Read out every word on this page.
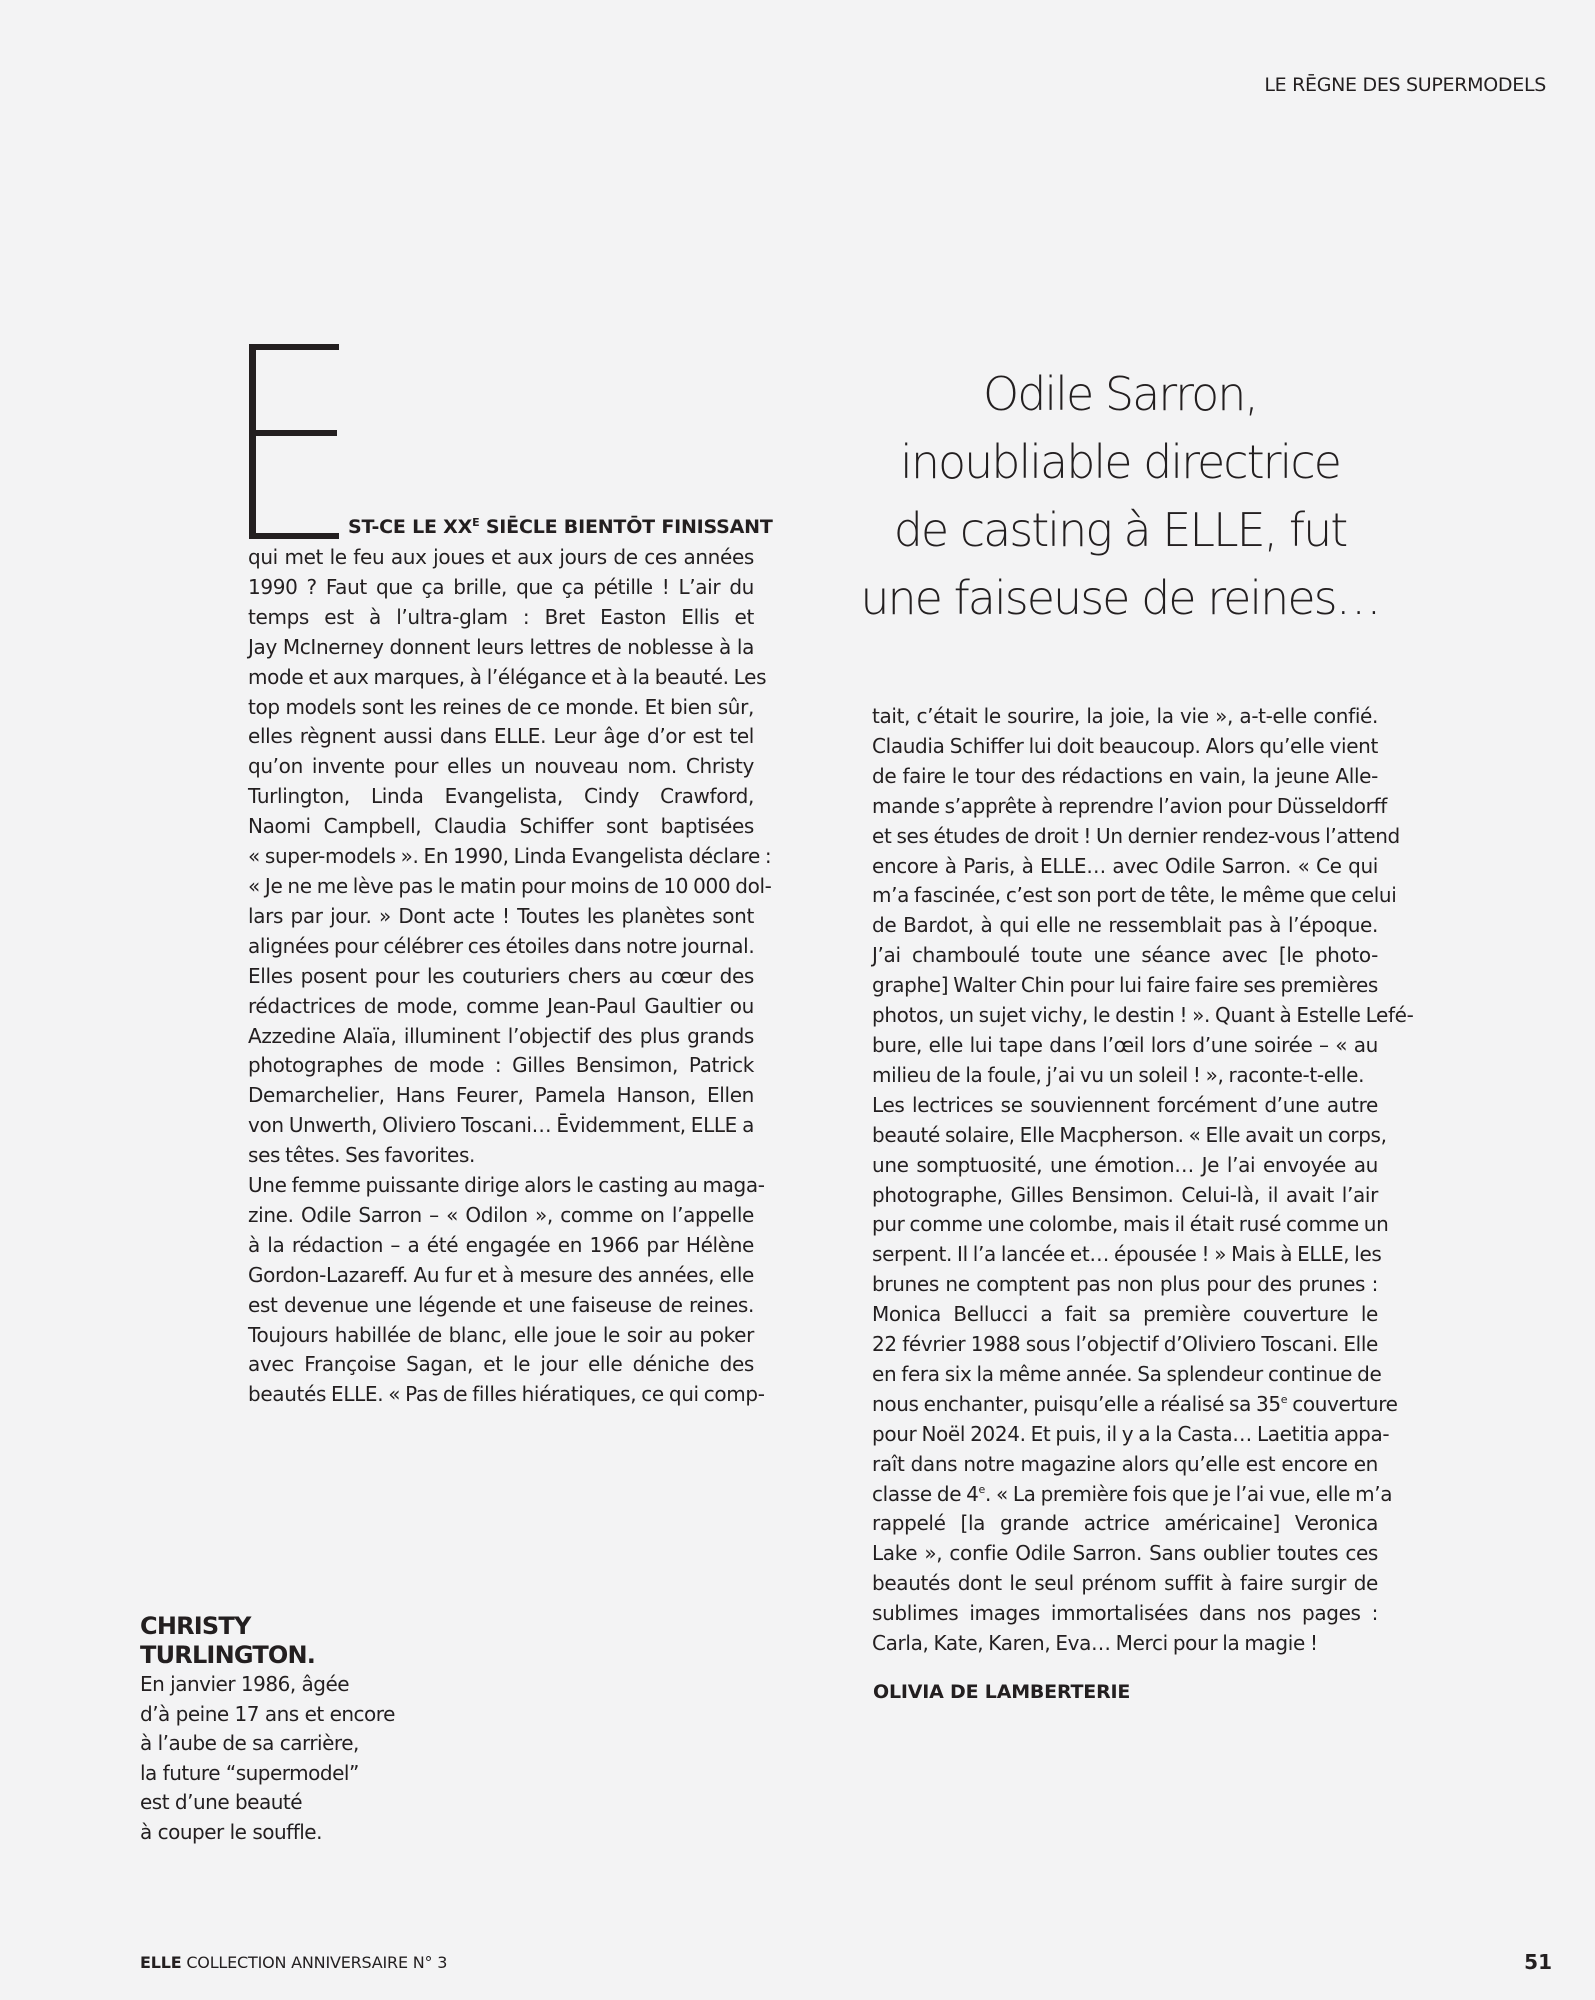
LE RĒGNE DES SUPERMODELS
ST-CE LE $XX^E$ SIĒCLE BIENTŌT FINISSANT
qui met le feu aux joues et aux jours de ces années
1990 ? Faut que ça brille, que ça pétille ! L’air du
temps est à l’ultra-glam : Bret Easton Ellis et
Jay McInerney donnent leurs lettres de noblesse à la
mode et aux marques, à l’élégance et à la beauté. Les
top models sont les reines de ce monde. Et bien sûr,
elles règnent aussi dans ELLE. Leur âge d’or est tel
qu’on invente pour elles un nouveau nom. Christy
Turlington, Linda Evangelista, Cindy Crawford,
Naomi Campbell, Claudia Schiffer sont baptisées
« super-models ». En 1990, Linda Evangelista déclare :
« Je ne me lève pas le matin pour moins de 10 000 dol-
lars par jour. » Dont acte ! Toutes les planètes sont
alignées pour célébrer ces étoiles dans notre journal.
Elles posent pour les couturiers chers au cœur des
rédactrices de mode, comme Jean-Paul Gaultier ou
Azzedine Alaïa, illuminent l’objectif des plus grands
photographes de mode : Gilles Bensimon, Patrick
Demarchelier, Hans Feurer, Pamela Hanson, Ellen
von Unwerth, Oliviero Toscani… Ēvidemment, ELLE a
ses têtes. Ses favorites.
Une femme puissante dirige alors le casting au maga-
zine. Odile Sarron – « Odilon », comme on l’appelle
à la rédaction – a été engagée en 1966 par Hélène
Gordon-Lazareff. Au fur et à mesure des années, elle
est devenue une légende et une faiseuse de reines.
Toujours habillée de blanc, elle joue le soir au poker
avec Françoise Sagan, et le jour elle déniche des
beautés ELLE. « Pas de filles hiératiques, ce qui comp-
Odile Sarron,
inoubliable directrice
de casting à ELLE, fut
une faiseuse de reines…
tait, c’était le sourire, la joie, la vie », a-t-elle confié.
Claudia Schiffer lui doit beaucoup. Alors qu’elle vient
de faire le tour des rédactions en vain, la jeune Alle-
mande s’apprête à reprendre l’avion pour Düsseldorff
et ses études de droit ! Un dernier rendez-vous l’attend
encore à Paris, à ELLE… avec Odile Sarron. « Ce qui
m’a fascinée, c’est son port de tête, le même que celui
de Bardot, à qui elle ne ressemblait pas à l’époque.
J’ai chamboulé toute une séance avec [le photo-
graphe] Walter Chin pour lui faire faire ses premières
photos, un sujet vichy, le destin ! ». Quant à Estelle Lefé-
bure, elle lui tape dans l’œil lors d’une soirée – « au
milieu de la foule, j’ai vu un soleil ! », raconte-t-elle.
Les lectrices se souviennent forcément d’une autre
beauté solaire, Elle Macpherson. « Elle avait un corps,
une somptuosité, une émotion… Je l’ai envoyée au
photographe, Gilles Bensimon. Celui-là, il avait l’air
pur comme une colombe, mais il était rusé comme un
serpent. Il l’a lancée et… épousée ! » Mais à ELLE, les
brunes ne comptent pas non plus pour des prunes :
Monica Bellucci a fait sa première couverture le
22 février 1988 sous l’objectif d’Oliviero Toscani. Elle
en fera six la même année. Sa splendeur continue de
nous enchanter, puisqu’elle a réalisé sa 35e couverture
pour Noël 2024. Et puis, il y a la Casta… Laetitia appa-
raît dans notre magazine alors qu’elle est encore en
classe de 4e. « La première fois que je l’ai vue, elle m’a
rappelé [la grande actrice américaine] Veronica
Lake », confie Odile Sarron. Sans oublier toutes ces
beautés dont le seul prénom suffit à faire surgir de
sublimes images immortalisées dans nos pages :
Carla, Kate, Karen, Eva… Merci pour la magie !
OLIVIA DE LAMBERTERIE
CHRISTY
TURLINGTON.
En janvier 1986, âgée
d’à peine 17 ans et encore
à l’aube de sa carrière,
la future “supermodel”
est d’une beauté
à couper le souffle.
ELLE COLLECTION ANNIVERSAIRE N° 3	51
